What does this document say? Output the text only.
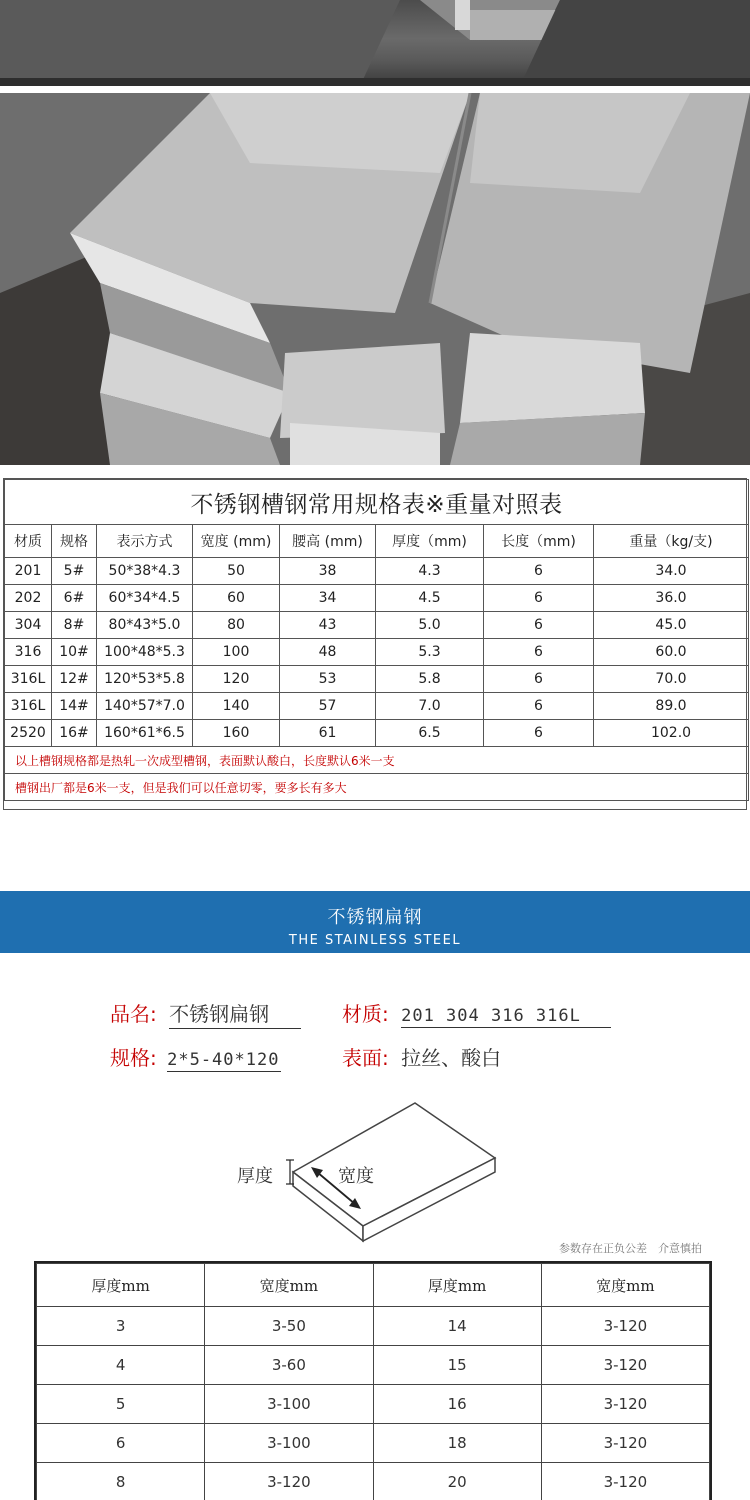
不锈钢槽钢常用规格表※重量对照表							
材质	规格	表示方式	宽度 (mm)	腰高 (mm)	厚度（mm)	长度（mm)	重量（kg/支)
201	5#	50*38*4.3	50	38	4.3	6	34.0
202	6#	60*34*4.5	60	34	4.5	6	36.0
304	8#	80*43*5.0	80	43	5.0	6	45.0
316	10#	100*48*5.3	100	48	5.3	6	60.0
316L	12#	120*53*5.8	120	53	5.8	6	70.0
316L	14#	140*57*7.0	140	57	7.0	6	89.0
2520	16#	160*61*6.5	160	61	6.5	6	102.0
以上槽钢规格都是热轧一次成型槽钢，表面默认酸白，长度默认6米一支							
槽钢出厂都是6米一支，但是我们可以任意切零，要多长有多大							
不锈钢扁钢
THE STAINLESS STEEL
品名: 不锈钢扁钢	材质: 201 304 316 316L
规格: 2*5-40*120	表面: 拉丝、酸白
厚度	宽度
参数存在正负公差　介意慎拍
厚度mm	宽度mm	厚度mm	宽度mm
3	3-50	14	3-120
4	3-60	15	3-120
5	3-100	16	3-120
6	3-100	18	3-120
8	3-120	20	3-120
